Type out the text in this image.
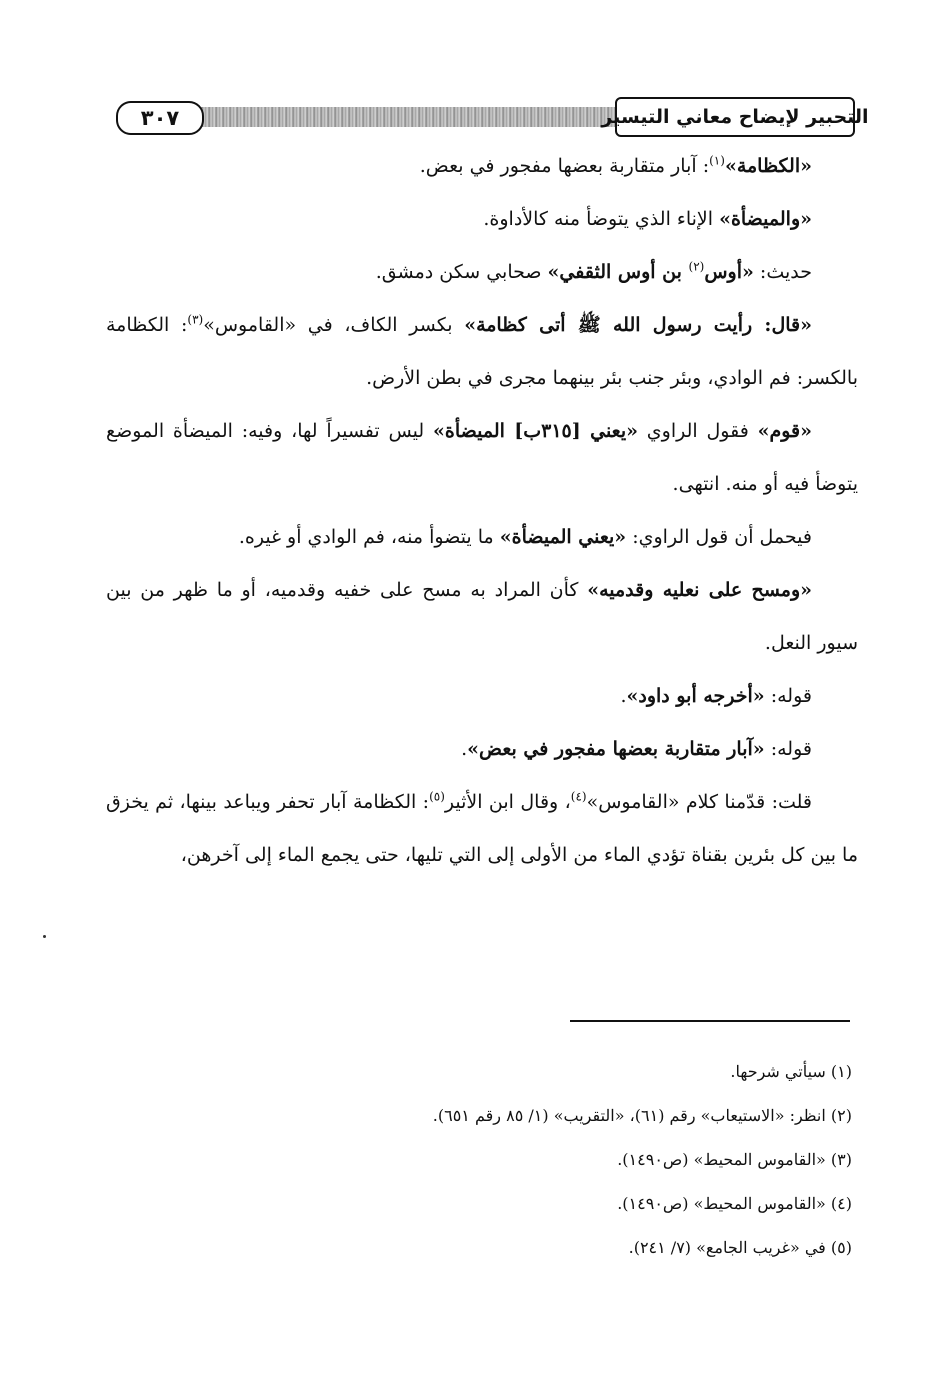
٣٠٧	التحبير لإيضاح معاني التيسير

«الكظامة»$^{(١)}$: آبار متقاربة بعضها مفجور في بعض.

«والميضأة» الإناء الذي يتوضأ منه كالأداوة.

حديث: «أوس$^{(٢)}$ بن أوس الثقفي» صحابي سكن دمشق.

«قال: رأيت رسول الله ﷺ أتى كظامة» بكسر الكاف، في «القاموس»$^{(٣)}$: الكظامة بالكسر: فم الوادي، وبئر جنب بئر بينهما مجرى في بطن الأرض.

«قوم» فقول الراوي «يعني [٣١٥ب] الميضأة» ليس تفسيراً لها، وفيه: الميضأة الموضع يتوضأ فيه أو منه. انتهى.

فيحمل أن قول الراوي: «يعني الميضأة» ما يتضوأ منه، فم الوادي أو غيره.

«ومسح على نعليه وقدميه» كأن المراد به مسح على خفيه وقدميه، أو ما ظهر من بين سيور النعل.

قوله: «أخرجه أبو داود».

قوله: «آبار متقاربة بعضها مفجور في بعض».

قلت: قدّمنا كلام «القاموس»$^{(٤)}$، وقال ابن الأثير$^{(٥)}$: الكظامة آبار تحفر ويباعد بينها، ثم يخزق ما بين كل بئرين بقناة تؤدي الماء من الأولى إلى التي تليها، حتى يجمع الماء إلى آخرهن،

(١) سيأتي شرحها.
(٢) انظر: «الاستيعاب» رقم (٦١)، «التقريب» (١/ ٨٥ رقم ٦٥١).
(٣) «القاموس المحيط» (ص١٤٩٠).
(٤) «القاموس المحيط» (ص١٤٩٠).
(٥) في «غريب الجامع» (٧/ ٢٤١).
